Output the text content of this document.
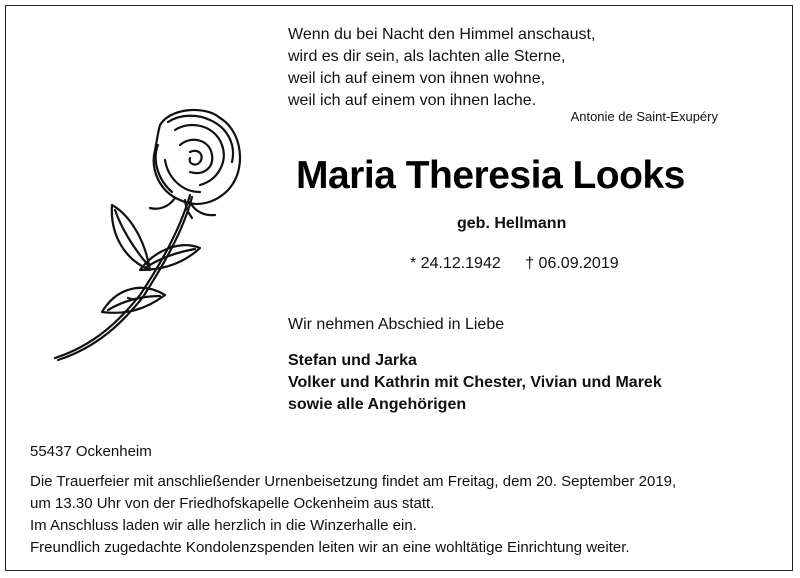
Wenn du bei Nacht den Himmel anschaust,
wird es dir sein, als lachten alle Sterne,
weil ich auf einem von ihnen wohne,
weil ich auf einem von ihnen lache.
Antonie de Saint-Exupéry
Maria Theresia Looks
geb. Hellmann
* 24.12.1942 † 06.09.2019
Wir nehmen Abschied in Liebe
Stefan und Jarka
Volker und Kathrin mit Chester, Vivian und Marek
sowie alle Angehörigen
55437 Ockenheim
Die Trauerfeier mit anschließender Urnenbeisetzung findet am Freitag, dem 20. September 2019,
um 13.30 Uhr von der Friedhofskapelle Ockenheim aus statt.
Im Anschluss laden wir alle herzlich in die Winzerhalle ein.
Freundlich zugedachte Kondolenzspenden leiten wir an eine wohltätige Einrichtung weiter.
